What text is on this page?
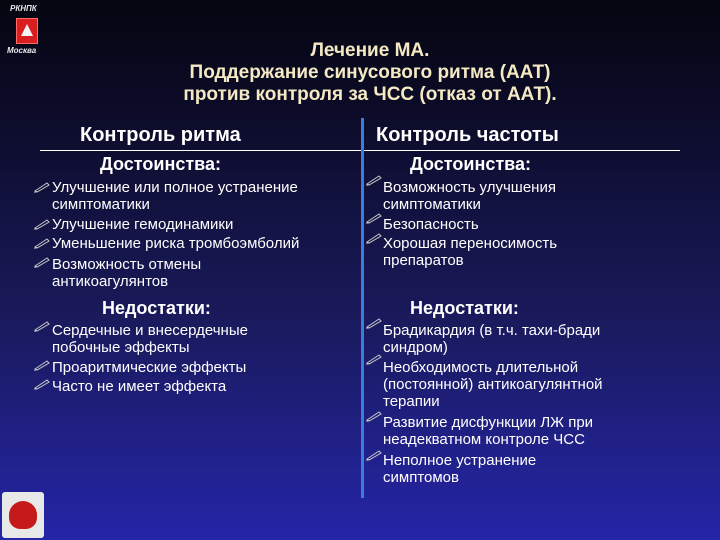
РКНПК
Москва	Лечение МА.
Поддержание синусового ритма (ААТ)
против контроля за ЧСС (отказ от ААТ).
Контроль ритма	Контроль частоты
Достоинства:
Улучшение или полное устранение симптоматики
Улучшение гемодинамики
Уменьшение риска тромбоэмболий
Возможность отмены антикоагулянтов
Недостатки:
Сердечные и внесердечные побочные эффекты
Проаритмические эффекты
Часто не имеет эффекта
Достоинства:
Возможность улучшения симптоматики
Безопасность
Хорошая переносимость препаратов
Недостатки:
Брадикардия (в т.ч. тахи-бради синдром)
Необходимость длительной (постоянной) антикоагулянтной терапии
Развитие дисфункции ЛЖ при неадекватном контроле ЧСС
Неполное устранение симптомов
